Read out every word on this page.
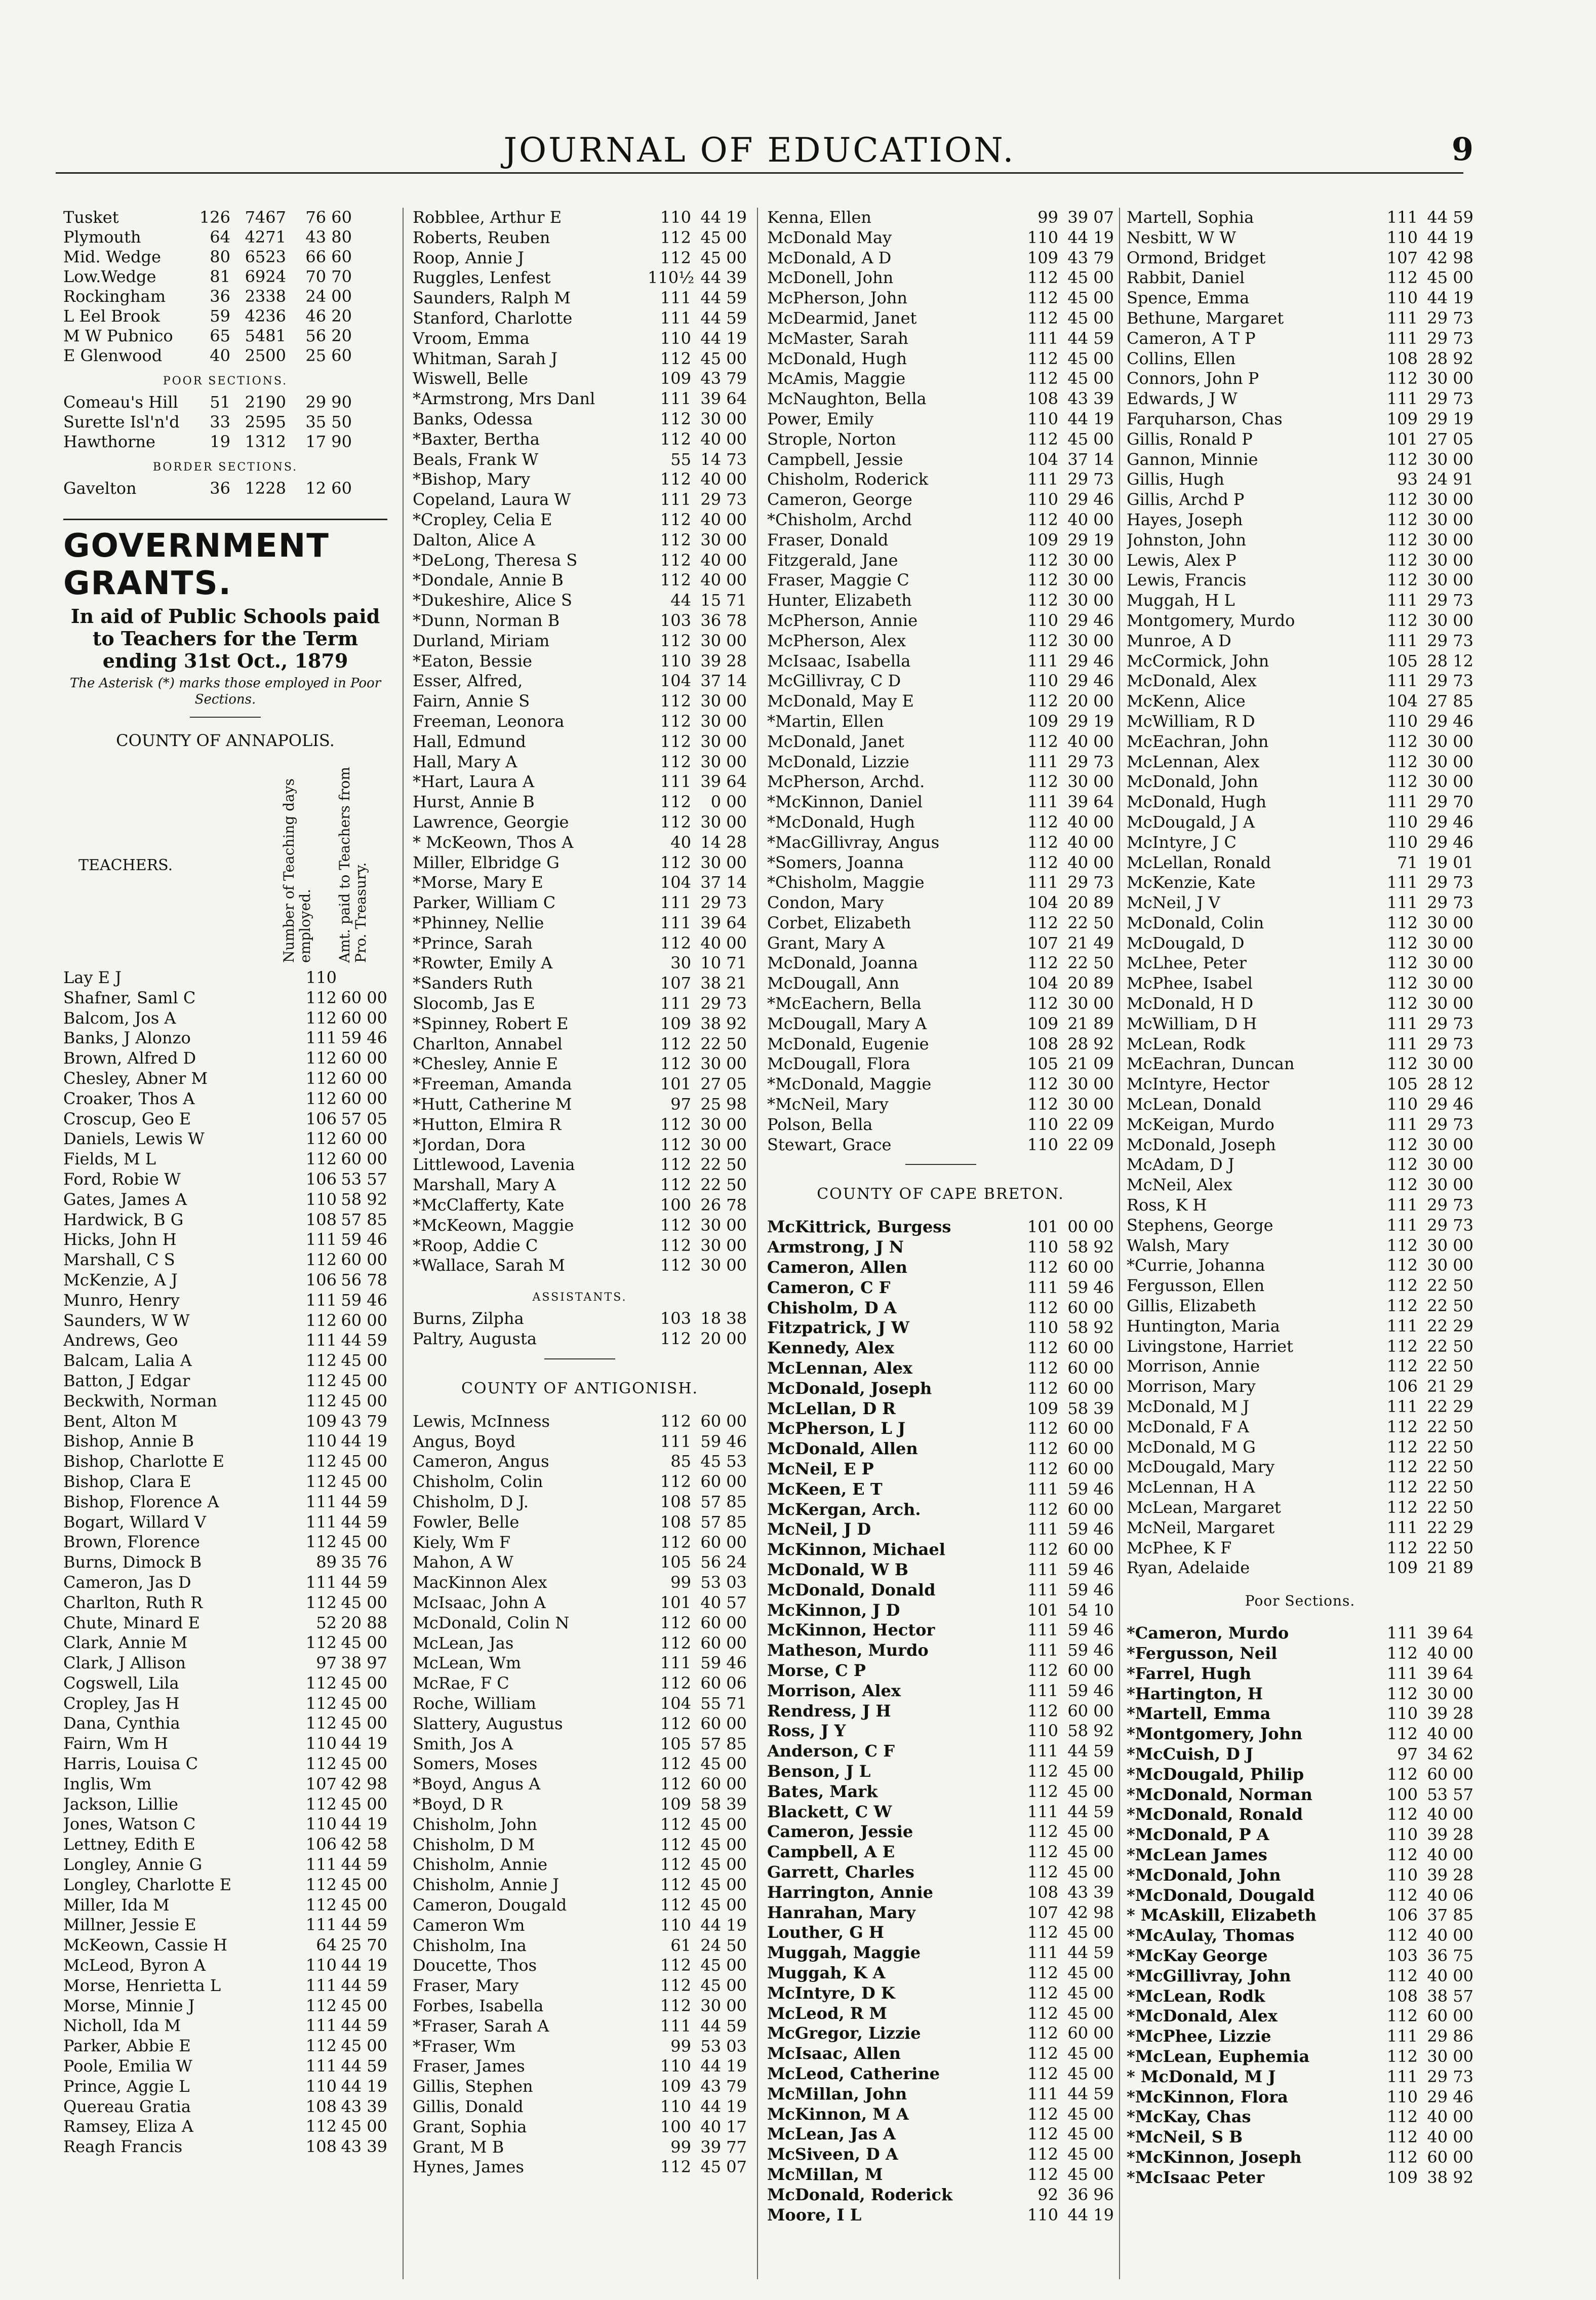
JOURNAL OF EDUCATION.	9
Tusket	126 7467	76 60
Plymouth	64 4271	43 80
Mid. Wedge	80 6523	66 60
Low.Wedge	81 6924	70 70
Rockingham	36 2338	24 00
L Eel Brook	59 4236	46 20
M W Pubnico	65 5481	56 20
E Glenwood	40 2500	25 60
POOR SECTIONS.
Comeau's Hill	51 2190	29 90
Surette Isl'n'd	33 2595	35 50
Hawthorne	19 1312	17 90
BORDER SECTIONS.
Gavelton	36 1228	12 60
GOVERNMENT GRANTS.
In aid of Public Schools paid to Teachers for the Term ending 31st Oct., 1879
The Asterisk (*) marks those employed in Poor Sections.
COUNTY OF ANNAPOLIS.
TEACHERS.	Number of Teaching days employed. Amt. paid to Teachers from Pro. Treasury.
Lay E J	110
Shafner, Saml C	112 60 00
Balcom, Jos A	112 60 00
Banks, J Alonzo	111 59 46
Brown, Alfred D	112 60 00
Chesley, Abner M	112 60 00
Croaker, Thos A	112 60 00
Croscup, Geo E	106 57 05
Daniels, Lewis W	112 60 00
Fields, M L	112 60 00
Ford, Robie W	106 53 57
Gates, James A	110 58 92
Hardwick, B G	108 57 85
Hicks, John H	111 59 46
Marshall, C S	112 60 00
McKenzie, A J	106 56 78
Munro, Henry	111 59 46
Saunders, W W	112 60 00
Andrews, Geo	111 44 59
Balcam, Lalia A	112 45 00
Batton, J Edgar	112 45 00
Beckwith, Norman	112 45 00
Bent, Alton M	109 43 79
Bishop, Annie B	110 44 19
Bishop, Charlotte E	112 45 00
Bishop, Clara E	112 45 00
Bishop, Florence A	111 44 59
Bogart, Willard V	111 44 59
Brown, Florence	112 45 00
Burns, Dimock B	89 35 76
Cameron, Jas D	111 44 59
Charlton, Ruth R	112 45 00
Chute, Minard E	52 20 88
Clark, Annie M	112 45 00
Clark, J Allison	97 38 97
Cogswell, Lila	112 45 00
Cropley, Jas H	112 45 00
Dana, Cynthia	112 45 00
Fairn, Wm H	110 44 19
Harris, Louisa C	112 45 00
Inglis, Wm	107 42 98
Jackson, Lillie	112 45 00
Jones, Watson C	110 44 19
Lettney, Edith E	106 42 58
Longley, Annie G	111 44 59
Longley, Charlotte E	112 45 00
Miller, Ida M	112 45 00
Millner, Jessie E	111 44 59
McKeown, Cassie H	64 25 70
McLeod, Byron A	110 44 19
Morse, Henrietta L	111 44 59
Morse, Minnie J	112 45 00
Nicholl, Ida M	111 44 59
Parker, Abbie E	112 45 00
Poole, Emilia W	111 44 59
Prince, Aggie L	110 44 19
Quereau Gratia	108 43 39
Ramsey, Eliza A	112 45 00
Reagh Francis	108 43 39
Robblee, Arthur E	110 44 19
Roberts, Reuben	112 45 00
Roop, Annie J	112 45 00
Ruggles, Lenfest	110½ 44 39
Saunders, Ralph M	111 44 59
Stanford, Charlotte	111 44 59
Vroom, Emma	110 44 19
Whitman, Sarah J	112 45 00
Wiswell, Belle	109 43 79
*Armstrong, Mrs Danl	111 39 64
Banks, Odessa	112 30 00
*Baxter, Bertha	112 40 00
Beals, Frank W	55 14 73
*Bishop, Mary	112 40 00
Copeland, Laura W	111 29 73
*Cropley, Celia E	112 40 00
Dalton, Alice A	112 30 00
*DeLong, Theresa S	112 40 00
*Dondale, Annie B	112 40 00
*Dukeshire, Alice S	44 15 71
*Dunn, Norman B	103 36 78
Durland, Miriam	112 30 00
*Eaton, Bessie	110 39 28
Esser, Alfred,	104 37 14
Fairn, Annie S	112 30 00
Freeman, Leonora	112 30 00
Hall, Edmund	112 30 00
Hall, Mary A	112 30 00
*Hart, Laura A	111 39 64
Hurst, Annie B	112	0 00
Lawrence, Georgie	112 30 00
* McKeown, Thos A	40 14 28
Miller, Elbridge G	112 30 00
*Morse, Mary E	104 37 14
Parker, William C	111 29 73
*Phinney, Nellie	111 39 64
*Prince, Sarah	112 40 00
*Rowter, Emily A	30 10 71
*Sanders Ruth	107 38 21
Slocomb, Jas E	111 29 73
*Spinney, Robert E	109 38 92
Charlton, Annabel	112 22 50
*Chesley, Annie E	112 30 00
*Freeman, Amanda	101 27 05
*Hutt, Catherine M	97 25 98
*Hutton, Elmira R	112 30 00
*Jordan, Dora	112 30 00
Littlewood, Lavenia	112 22 50
Marshall, Mary A	112 22 50
*McClafferty, Kate	100 26 78
*McKeown, Maggie	112 30 00
*Roop, Addie C	112 30 00
*Wallace, Sarah M	112 30 00
ASSISTANTS.
Burns, Zilpha	103 18 38
Paltry, Augusta	112 20 00
COUNTY OF ANTIGONISH.
Lewis, McInness	112 60 00
Angus, Boyd	111 59 46
Cameron, Angus	85 45 53
Chisholm, Colin	112 60 00
Chisholm, D J.	108 57 85
Fowler, Belle	108 57 85
Kiely, Wm F	112 60 00
Mahon, A W	105 56 24
MacKinnon Alex	99 53 03
McIsaac, John A	101 40 57
McDonald, Colin N	112 60 00
McLean, Jas	112 60 00
McLean, Wm	111 59 46
McRae, F C	112 60 06
Roche, William	104 55 71
Slattery, Augustus	112 60 00
Smith, Jos A	105 57 85
Somers, Moses	112 45 00
*Boyd, Angus A	112 60 00
*Boyd, D R	109 58 39
Chisholm, John	112 45 00
Chisholm, D M	112 45 00
Chisholm, Annie	112 45 00
Chisholm, Annie J	112 45 00
Cameron, Dougald	112 45 00
Cameron Wm	110 44 19
Chisholm, Ina	61 24 50
Doucette, Thos	112 45 00
Fraser, Mary	112 45 00
Forbes, Isabella	112 30 00
*Fraser, Sarah A	111 44 59
*Fraser, Wm	99 53 03
Fraser, James	110 44 19
Gillis, Stephen	109 43 79
Gillis, Donald	110 44 19
Grant, Sophia	100 40 17
Grant, M B	99 39 77
Hynes, James	112 45 07
Kenna, Ellen	99 39 07
McDonald May	110 44 19
McDonald, A D	109 43 79
McDonell, John	112 45 00
McPherson, John	112 45 00
McDearmid, Janet	112 45 00
McMaster, Sarah	111 44 59
McDonald, Hugh	112 45 00
McAmis, Maggie	112 45 00
McNaughton, Bella	108 43 39
Power, Emily	110 44 19
Strople, Norton	112 45 00
Campbell, Jessie	104 37 14
Chisholm, Roderick	111 29 73
Cameron, George	110 29 46
*Chisholm, Archd	112 40 00
Fraser, Donald	109 29 19
Fitzgerald, Jane	112 30 00
Fraser, Maggie C	112 30 00
Hunter, Elizabeth	112 30 00
McPherson, Annie	110 29 46
McPherson, Alex	112 30 00
McIsaac, Isabella	111 29 46
McGillivray, C D	110 29 46
McDonald, May E	112 20 00
*Martin, Ellen	109 29 19
McDonald, Janet	112 40 00
McDonald, Lizzie	111 29 73
McPherson, Archd.	112 30 00
*McKinnon, Daniel	111 39 64
*McDonald, Hugh	112 40 00
*MacGillivray, Angus	112 40 00
*Somers, Joanna	112 40 00
*Chisholm, Maggie	111 29 73
Condon, Mary	104 20 89
Corbet, Elizabeth	112 22 50
Grant, Mary A	107 21 49
McDonald, Joanna	112 22 50
McDougall, Ann	104 20 89
*McEachern, Bella	112 30 00
McDougall, Mary A	109 21 89
McDonald, Eugenie	108 28 92
McDougall, Flora	105 21 09
*McDonald, Maggie	112 30 00
*McNeil, Mary	112 30 00
Polson, Bella	110 22 09
Stewart, Grace	110 22 09
COUNTY OF CAPE BRETON.
McKittrick, Burgess	101 00 00
Armstrong, J N	110 58 92
Cameron, Allen	112 60 00
Cameron, C F	111 59 46
Chisholm, D A	112 60 00
Fitzpatrick, J W	110 58 92
Kennedy, Alex	112 60 00
McLennan, Alex	112 60 00
McDonald, Joseph	112 60 00
McLellan, D R	109 58 39
McPherson, L J	112 60 00
McDonald, Allen	112 60 00
McNeil, E P	112 60 00
McKeen, E T	111 59 46
McKergan, Arch.	112 60 00
McNeil, J D	111 59 46
McKinnon, Michael	112 60 00
McDonald, W B	111 59 46
McDonald, Donald	111 59 46
McKinnon, J D	101 54 10
McKinnon, Hector	111 59 46
Matheson, Murdo	111 59 46
Morse, C P	112 60 00
Morrison, Alex	111 59 46
Rendress, J H	112 60 00
Ross, J Y	110 58 92
Anderson, C F	111 44 59
Benson, J L	112 45 00
Bates, Mark	112 45 00
Blackett, C W	111 44 59
Cameron, Jessie	112 45 00
Campbell, A E	112 45 00
Garrett, Charles	112 45 00
Harrington, Annie	108 43 39
Hanrahan, Mary	107 42 98
Louther, G H	112 45 00
Muggah, Maggie	111 44 59
Muggah, K A	112 45 00
McIntyre, D K	112 45 00
McLeod, R M	112 45 00
McGregor, Lizzie	112 60 00
McIsaac, Allen	112 45 00
McLeod, Catherine	112 45 00
McMillan, John	111 44 59
McKinnon, M A	112 45 00
McLean, Jas A	112 45 00
McSiveen, D A	112 45 00
McMillan, M	112 45 00
McDonald, Roderick	92 36 96
Moore, I L	110 44 19
Martell, Sophia	111 44 59
Nesbitt, W W	110 44 19
Ormond, Bridget	107 42 98
Rabbit, Daniel	112 45 00
Spence, Emma	110 44 19
Bethune, Margaret	111 29 73
Cameron, A T P	111 29 73
Collins, Ellen	108 28 92
Connors, John P	112 30 00
Edwards, J W	111 29 73
Farquharson, Chas	109 29 19
Gillis, Ronald P	101 27 05
Gannon, Minnie	112 30 00
Gillis, Hugh	93 24 91
Gillis, Archd P	112 30 00
Hayes, Joseph	112 30 00
Johnston, John	112 30 00
Lewis, Alex P	112 30 00
Lewis, Francis	112 30 00
Muggah, H L	111 29 73
Montgomery, Murdo	112 30 00
Munroe, A D	111 29 73
McCormick, John	105 28 12
McDonald, Alex	111 29 73
McKenn, Alice	104 27 85
McWilliam, R D	110 29 46
McEachran, John	112 30 00
McLennan, Alex	112 30 00
McDonald, John	112 30 00
McDonald, Hugh	111 29 70
McDougald, J A	110 29 46
McIntyre, J C	110 29 46
McLellan, Ronald	71 19 01
McKenzie, Kate	111 29 73
McNeil, J V	111 29 73
McDonald, Colin	112 30 00
McDougald, D	112 30 00
McLhee, Peter	112 30 00
McPhee, Isabel	112 30 00
McDonald, H D	112 30 00
McWilliam, D H	111 29 73
McLean, Rodk	111 29 73
McEachran, Duncan	112 30 00
McIntyre, Hector	105 28 12
McLean, Donald	110 29 46
McKeigan, Murdo	111 29 73
McDonald, Joseph	112 30 00
McAdam, D J	112 30 00
McNeil, Alex	112 30 00
Ross, K H	111 29 73
Stephens, George	111 29 73
Walsh, Mary	112 30 00
*Currie, Johanna	112 30 00
Fergusson, Ellen	112 22 50
Gillis, Elizabeth	112 22 50
Huntington, Maria	111 22 29
Livingstone, Harriet	112 22 50
Morrison, Annie	112 22 50
Morrison, Mary	106 21 29
McDonald, M J	111 22 29
McDonald, F A	112 22 50
McDonald, M G	112 22 50
McDougald, Mary	112 22 50
McLennan, H A	112 22 50
McLean, Margaret	112 22 50
McNeil, Margaret	111 22 29
McPhee, K F	112 22 50
Ryan, Adelaide	109 21 89
Poor Sections.
*Cameron, Murdo	111 39 64
*Fergusson, Neil	112 40 00
*Farrel, Hugh	111 39 64
*Hartington, H	112 30 00
*Martell, Emma	110 39 28
*Montgomery, John	112 40 00
*McCuish, D J	97 34 62
*McDougald, Philip	112 60 00
*McDonald, Norman	100 53 57
*McDonald, Ronald	112 40 00
*McDonald, P A	110 39 28
*McLean James	112 40 00
*McDonald, John	110 39 28
*McDonald, Dougald	112 40 06
* McAskill, Elizabeth	106 37 85
*McAulay, Thomas	112 40 00
*McKay George	103 36 75
*McGillivray, John	112 40 00
*McLean, Rodk	108 38 57
*McDonald, Alex	112 60 00
*McPhee, Lizzie	111 29 86
*McLean, Euphemia	112 30 00
* McDonald, M J	111 29 73
*McKinnon, Flora	110 29 46
*McKay, Chas	112 40 00
*McNeil, S B	112 40 00
*McKinnon, Joseph	112 60 00
*McIsaac Peter	109 38 92
